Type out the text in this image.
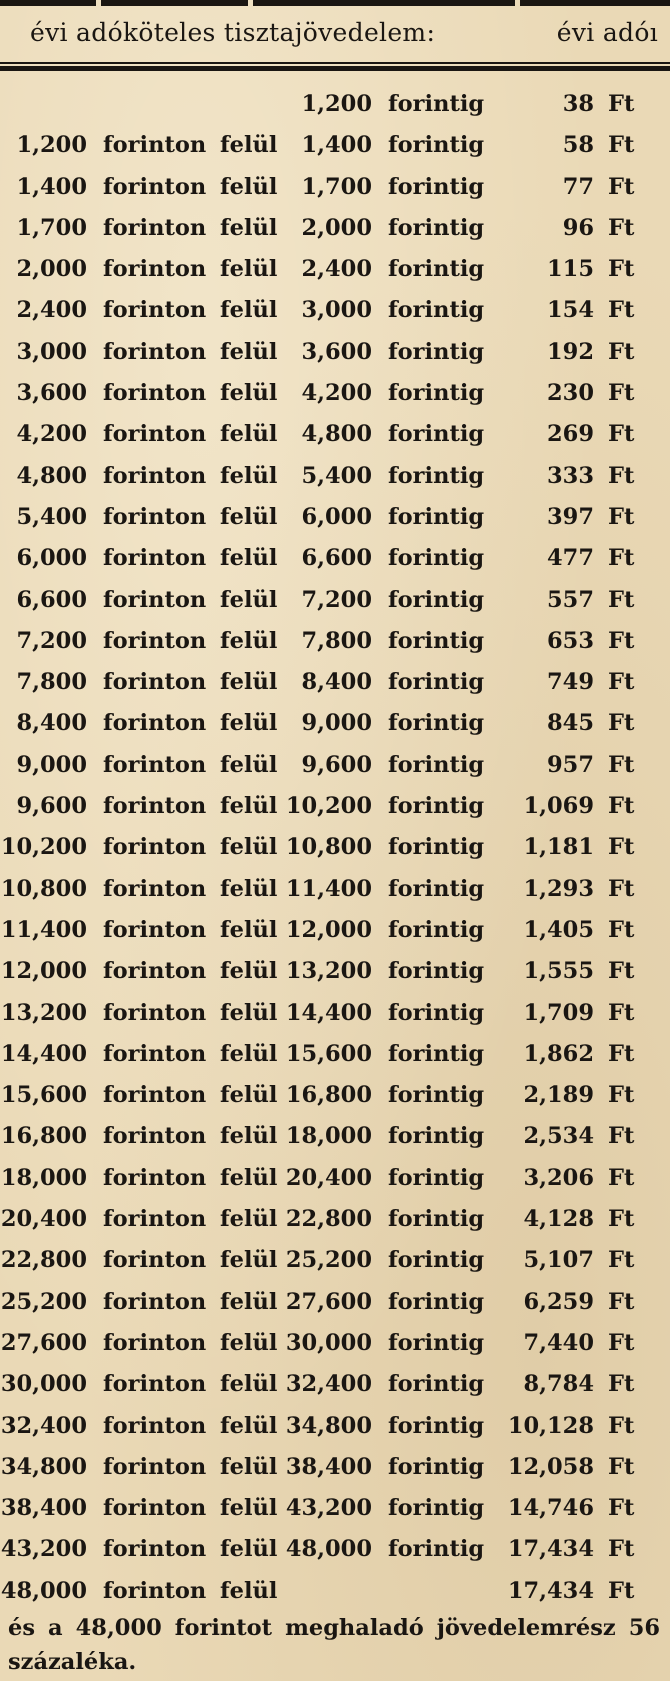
évi adóköteles tisztajövedelem:	évi adóı
1,200 forintig	38 Ft
1,200 forinton felül 1,400 forintig	58 Ft
1,400 forinton felül 1,700 forintig	77 Ft
1,700 forinton felül 2,000 forintig	96 Ft
2,000 forinton felül 2,400 forintig	115 Ft
2,400 forinton felül 3,000 forintig	154 Ft
3,000 forinton felül 3,600 forintig	192 Ft
3,600 forinton felül 4,200 forintig	230 Ft
4,200 forinton felül 4,800 forintig	269 Ft
4,800 forinton felül 5,400 forintig	333 Ft
5,400 forinton felül 6,000 forintig	397 Ft
6,000 forinton felül 6,600 forintig	477 Ft
6,600 forinton felül 7,200 forintig	557 Ft
7,200 forinton felül 7,800 forintig	653 Ft
7,800 forinton felül 8,400 forintig	749 Ft
8,400 forinton felül 9,000 forintig	845 Ft
9,000 forinton felül 9,600 forintig	957 Ft
9,600 forinton felül 10,200 forintig 1,069 Ft
10,200 forinton felül 10,800 forintig 1,181 Ft
10,800 forinton felül 11,400 forintig 1,293 Ft
11,400 forinton felül 12,000 forintig 1,405 Ft
12,000 forinton felül 13,200 forintig 1,555 Ft
13,200 forinton felül 14,400 forintig 1,709 Ft
14,400 forinton felül 15,600 forintig 1,862 Ft
15,600 forinton felül 16,800 forintig 2,189 Ft
16,800 forinton felül 18,000 forintig 2,534 Ft
18,000 forinton felül 20,400 forintig 3,206 Ft
20,400 forinton felül 22,800 forintig 4,128 Ft
22,800 forinton felül 25,200 forintig 5,107 Ft
25,200 forinton felül 27,600 forintig 6,259 Ft
27,600 forinton felül 30,000 forintig 7,440 Ft
30,000 forinton felül 32,400 forintig 8,784 Ft
32,400 forinton felül 34,800 forintig 10,128 Ft
34,800 forinton felül 38,400 forintig 12,058 Ft
38,400 forinton felül 43,200 forintig 14,746 Ft
43,200 forinton felül 48,000 forintig 17,434 Ft
48,000 forinton felül	17,434 Ft
és a 48,000 forintot meghaladó jövedelemrész 56
százaléka.
